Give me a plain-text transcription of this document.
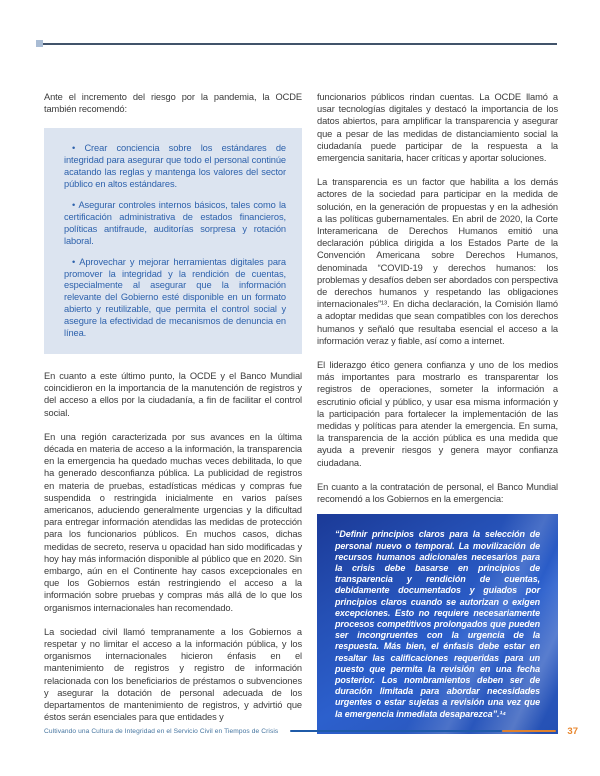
Ante el incremento del riesgo por la pandemia, la OCDE también recomendó:

• Crear conciencia sobre los estándares de integridad para asegurar que todo el personal continúe acatando las reglas y mantenga los valores del sector público en altos estándares.

• Asegurar controles internos básicos, tales como la certificación administrativa de estados financieros, políticas antifraude, auditorías sorpresa y rotación laboral.

• Aprovechar y mejorar herramientas digitales para promover la integridad y la rendición de cuentas, especialmente al asegurar que la información relevante del Gobierno esté disponible en un formato abierto y reutilizable, que permita el control social y asegure la efectividad de mecanismos de denuncia en línea.

En cuanto a este último punto, la OCDE y el Banco Mundial coincidieron en la importancia de la manutención de registros y del acceso a ellos por la ciudadanía, a fin de facilitar el control social.

En una región caracterizada por sus avances en la última década en materia de acceso a la información, la transparencia en la emergencia ha quedado muchas veces debilitada, lo que ha generado desconfianza pública. La publicidad de registros en materia de pruebas, estadísticas médicas y compras fue suspendida o restringida inicialmente en varios países americanos, aduciendo generalmente urgencias y la dificultad para entregar información atendidas las medidas de protección para los funcionarios públicos. En muchos casos, dichas medidas de secreto, reserva u opacidad han sido modificadas y hoy hay más información disponible al público que en 2020. Sin embargo, aún en el Continente hay casos excepcionales en que los Gobiernos están restringiendo el acceso a la información sobre pruebas y compras más allá de lo que los organismos internacionales han recomendado.

La sociedad civil llamó tempranamente a los Gobiernos a respetar y no limitar el acceso a la información pública, y los organismos internacionales hicieron énfasis en el mantenimiento de registros y registro de información relacionada con los beneficiarios de préstamos o subvenciones y asegurar la dotación de personal adecuada de los departamentos de mantenimiento de registros, y advirtió que éstos serán esenciales para que entidades y

funcionarios públicos rindan cuentas. La OCDE llamó a usar tecnologías digitales y destacó la importancia de los datos abiertos, para amplificar la transparencia y asegurar que a pesar de las medidas de distanciamiento social la ciudadanía puede participar de la respuesta a la emergencia sanitaria, hacer críticas y aportar soluciones.

La transparencia es un factor que habilita a los demás actores de la sociedad para participar en la medida de solución, en la generación de propuestas y en la adhesión a las políticas gubernamentales. En abril de 2020, la Corte Interamericana de Derechos Humanos emitió una declaración pública dirigida a los Estados Parte de la Convención Americana sobre Derechos Humanos, denominada “COVID-19 y derechos humanos: los problemas y desafíos deben ser abordados con perspectiva de derechos humanos y respetando las obligaciones internacionales”¹³. En dicha declaración, la Comisión llamó a adoptar medidas que sean compatibles con los derechos humanos y señaló que resultaba esencial el acceso a la información veraz y fiable, así como a internet.

El liderazgo ético genera confianza y uno de los medios más importantes para mostrarlo es transparentar los registros de operaciones, someter la información a escrutinio oficial y público, y usar esa misma información y la participación para fortalecer la implementación de las medidas y políticas para atender la emergencia. En suma, la transparencia de la acción pública es una medida que ayuda a prevenir riesgos y genera mayor confianza ciudadana.

En cuanto a la contratación de personal, el Banco Mundial recomendó a los Gobiernos en la emergencia:

“Definir principios claros para la selección de personal nuevo o temporal. La movilización de recursos humanos adicionales necesarios para la crisis debe basarse en principios de transparencia y rendición de cuentas, debidamente documentados y guiados por principios claros cuando se autorizan o exigen excepciones. Esto no requiere necesariamente procesos competitivos prolongados que pueden ser incongruentes con la urgencia de la respuesta. Más bien, el énfasis debe estar en resaltar las calificaciones requeridas para un puesto que permita la revisión en una fecha posterior. Los nombramientos deben ser de duración limitada para abordar necesidades urgentes o estar sujetas a revisión una vez que la emergencia inmediata desaparezca”.¹⁴

Cultivando una Cultura de Integridad en el Servicio Civil en Tiempos de Crisis	37
